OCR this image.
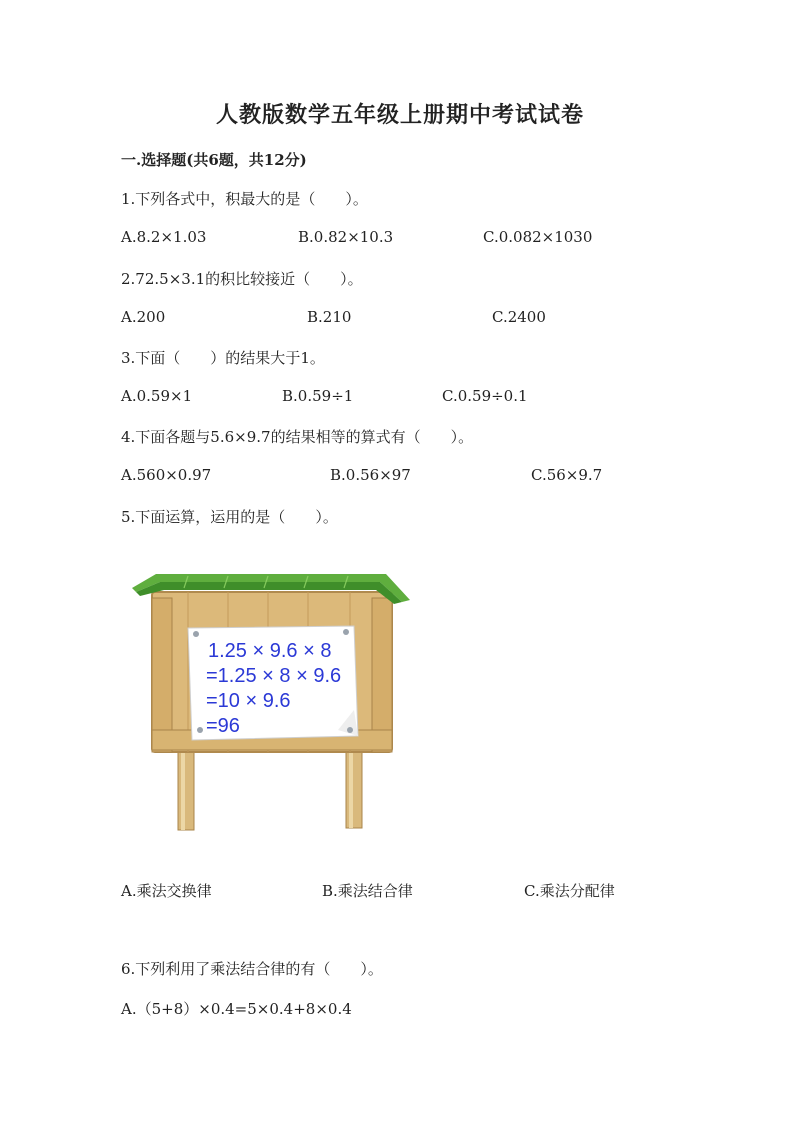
人教版数学五年级上册期中考试试卷
一.选择题(共6题，共12分)
1.下列各式中，积最大的是（　　）。
A.8.2×1.03	B.0.82×10.3	C.0.082×1030
2.72.5×3.1的积比较接近（　　）。
A.200	B.210	C.2400
3.下面（　　）的结果大于1。
A.0.59×1	B.0.59÷1	C.0.59÷0.1
4.下面各题与5.6×9.7的结果相等的算式有（　　）。
A.560×0.97	B.0.56×97	C.56×9.7
5.下面运算，运用的是（　　）。
1.25 × 9.6 × 8
=1.25 × 8 × 9.6
=10 × 9.6
=96
A.乘法交换律	B.乘法结合律	C.乘法分配律
6.下列利用了乘法结合律的有（　　）。
A.（5+8）×0.4=5×0.4+8×0.4
